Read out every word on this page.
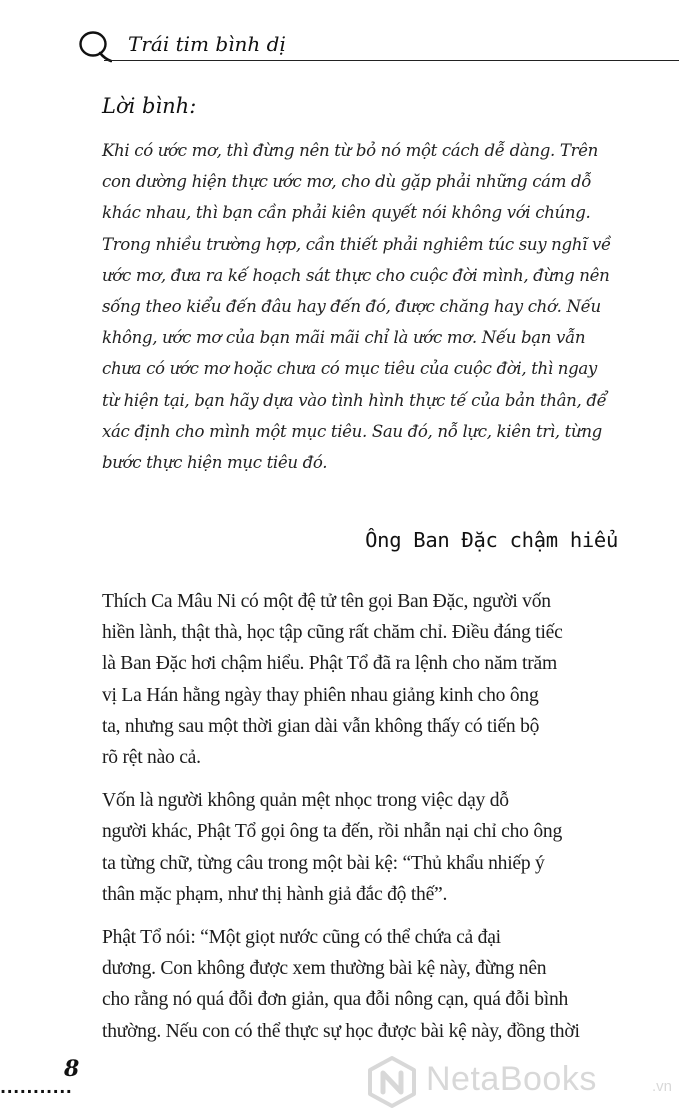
Trái tim bình dị
Lời bình:

Khi có ước mơ, thì đừng nên từ bỏ nó một cách dễ dàng. Trên
con dường hiện thực ước mơ, cho dù gặp phải những cám dỗ
khác nhau, thì bạn cần phải kiên quyết nói không với chúng.
Trong nhiều trường hợp, cần thiết phải nghiêm túc suy nghĩ về
ước mơ, đưa ra kế hoạch sát thực cho cuộc đời mình, đừng nên
sống theo kiểu đến đâu hay đến đó, được chăng hay chớ. Nếu
không, ước mơ của bạn mãi mãi chỉ là ước mơ. Nếu bạn vẫn
chưa có ước mơ hoặc chưa có mục tiêu của cuộc đời, thì ngay
từ hiện tại, bạn hãy dựa vào tình hình thực tế của bản thân, để
xác định cho mình một mục tiêu. Sau đó, nỗ lực, kiên trì, từng
bước thực hiện mục tiêu đó.

Ông Ban Đặc chậm hiểu

Thích Ca Mâu Ni có một đệ tử tên gọi Ban Đặc, người vốn
hiền lành, thật thà, học tập cũng rất chăm chỉ. Điều đáng tiếc
là Ban Đặc hơi chậm hiểu. Phật Tổ đã ra lệnh cho năm trăm
vị La Hán hằng ngày thay phiên nhau giảng kinh cho ông
ta, nhưng sau một thời gian dài vẫn không thấy có tiến bộ
rõ rệt nào cả.

Vốn là người không quản mệt nhọc trong việc dạy dỗ
người khác, Phật Tổ gọi ông ta đến, rồi nhẫn nại chỉ cho ông
ta từng chữ, từng câu trong một bài kệ: “Thủ khẩu nhiếp ý
thân mặc phạm, như thị hành giả đắc độ thế”.

Phật Tổ nói: “Một giọt nước cũng có thể chứa cả đại
dương. Con không được xem thường bài kệ này, đừng nên
cho rằng nó quá đỗi đơn giản, qua đỗi nông cạn, quá đỗi bình
thường. Nếu con có thể thực sự học được bài kệ này, đồng thời

...........
8	NetaBooks	.vn
